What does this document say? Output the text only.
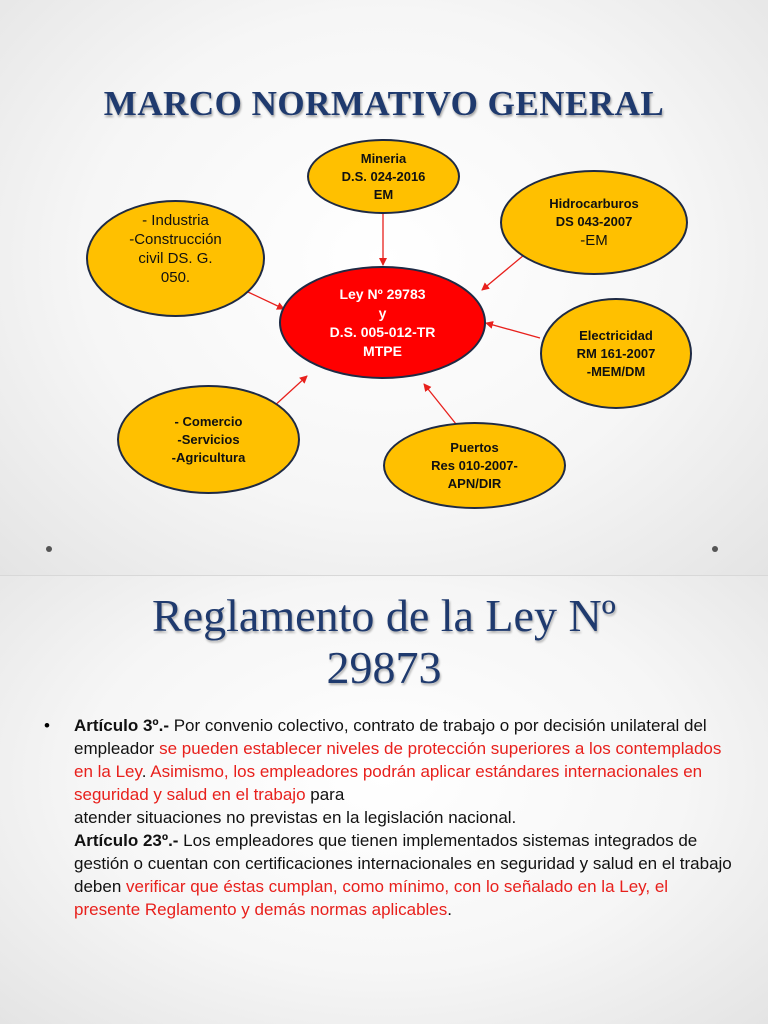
MARCO NORMATIVO GENERAL
Mineria
D.S. 024-2016
EM
Hidrocarburos
DS 043-2007
-EM
- Industria
-Construcción
civil DS. G.
050.
Ley Nº 29783
y
D.S. 005-012-TR
MTPE
Electricidad
RM 161-2007
-MEM/DM
- Comercio
-Servicios
-Agricultura
Puertos
Res 010-2007-
APN/DIR
Reglamento de la Ley Nº
29873
• Artículo 3º.- Por convenio colectivo, contrato de trabajo o por decisión unilateral del empleador se pueden establecer niveles de protección superiores a los contemplados en la Ley. Asimismo, los empleadores podrán aplicar estándares internacionales en seguridad y salud en el trabajo para
atender situaciones no previstas en la legislación nacional.
Artículo 23º.- Los empleadores que tienen implementados sistemas integrados de gestión o cuentan con certificaciones internacionales en seguridad y salud en el trabajo deben verificar que éstas cumplan, como mínimo, con lo señalado en la Ley, el presente Reglamento y demás normas aplicables.
